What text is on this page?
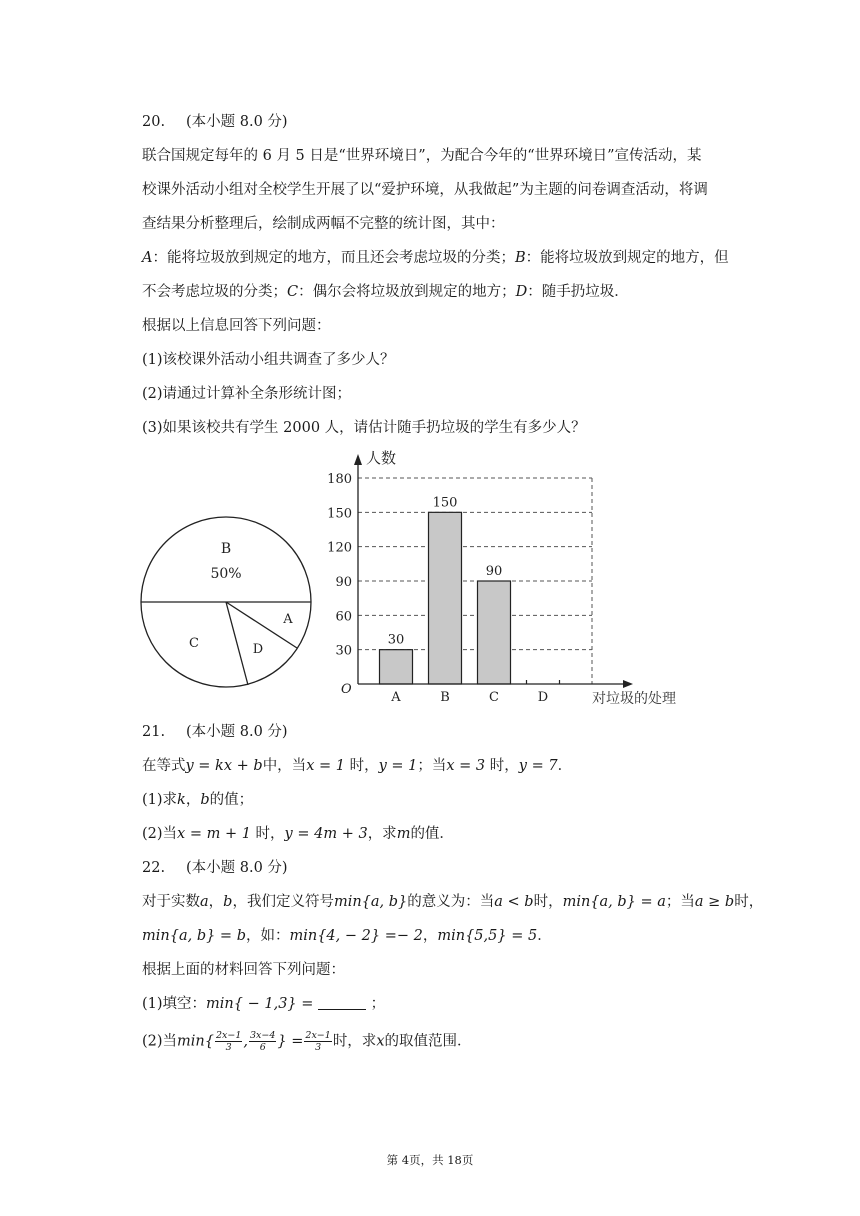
20. (本小题 8.0 分)
联合国规定每年的 6 月 5 日是“世界环境日”，为配合今年的“世界环境日”宣传活动，某
校课外活动小组对全校学生开展了以“爱护环境，从我做起”为主题的问卷调查活动，将调
查结果分析整理后，绘制成两幅不完整的统计图，其中：
A：能将垃圾放到规定的地方，而且还会考虑垃圾的分类；B：能将垃圾放到规定的地方，但
不会考虑垃圾的分类；C：偶尔会将垃圾放到规定的地方；D：随手扔垃圾．
根据以上信息回答下列问题：
(1)该校课外活动小组共调查了多少人？
(2)请通过计算补全条形统计图；
(3)如果该校共有学生 2000 人，请估计随手扔垃圾的学生有多少人？
B
50%
A
D
C
30
60
90
120
150
180
30
A
150
B
90
C	D
人数
对垃圾的处理
O
21. (本小题 8.0 分)
在等式y = kx + b中，当x = 1 时，y = 1；当x = 3 时，y = 7．
(1)求k，b的值；
(2)当x = m + 1 时，y = 4m + 3，求m的值．
22. (本小题 8.0 分)
对于实数a，b，我们定义符号min{a, b}的意义为：当a < b时，min{a, b} = a；当a ≥ b时，
min{a, b} = b，如：min{4, − 2} =− 2，min{5,5} = 5．
根据上面的材料回答下列问题：
(1)填空：min{ − 1,3} =	；
(2)当$\min\{ \frac{2x-1}{3}$ , $\frac{3x-4}{6}$ } = $\frac{2x-1}{3}$ 时，求x的取值范围．
第 4页，共 18页
